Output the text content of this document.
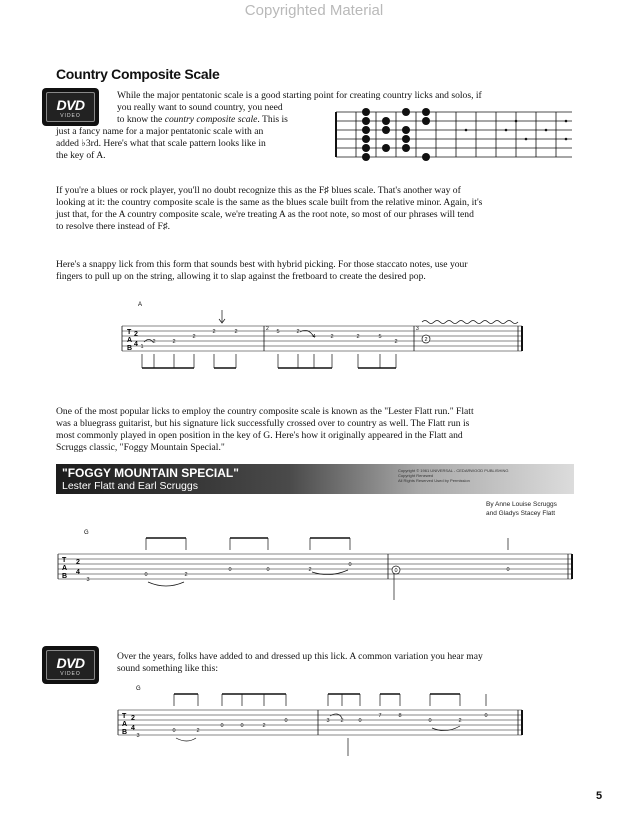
Copyrighted Material
Country Composite Scale
DVD
VIDEO
While the major pentatonic scale is a good starting point for creating country licks and solos, if
you really want to sound country, you need
to know the country composite scale. This is
just a fancy name for a major pentatonic scale with an
added ♭3rd. Here's what that scale pattern looks like in
the key of A.
If you're a blues or rock player, you'll no doubt recognize this as the F♯ blues scale. That's another way of
looking at it: the country composite scale is the same as the blues scale built from the relative minor. Again, it's
just that, for the A country composite scale, we're treating A as the root note, so most of our phrases will tend
to resolve there instead of F♯.
Here's a snappy lick from this form that sounds best with hybrid picking. For those staccato notes, use your
fingers to pull up on the string, allowing it to slap against the fretboard to create the desired pop.
A
T
A
B
2
4
2	3
1
2	2
2
2	2	5	2
4	2	2	5
2	2
One of the most popular licks to employ the country composite scale is known as the "Lester Flatt run." Flatt
was a bluegrass guitarist, but his signature lick successfully crossed over to country as well. The Flatt run is
most commonly played in open position in the key of G. Here's how it originally appeared in the Flatt and
Scruggs classic, "Foggy Mountain Special."
"FOGGY MOUNTAIN SPECIAL"
Lester Flatt and Earl Scruggs
Copyright © 1961 UNIVERSAL - CEDARWOOD PUBLISHING
Copyright Renewed
All Rights Reserved Used by Permission
By Anne Louise Scruggs
and Gladys Stacey Flatt
G
T
A
B
2
4
3
0	2
0	0	2
0
0
0
DVD
VIDEO
Over the years, folks have added to and dressed up this lick. A common variation you hear may
sound something like this:
G
T
A
B
2
4
3
0	2
0	0	2
0	3 2	0
7	8
0	2
0
5
